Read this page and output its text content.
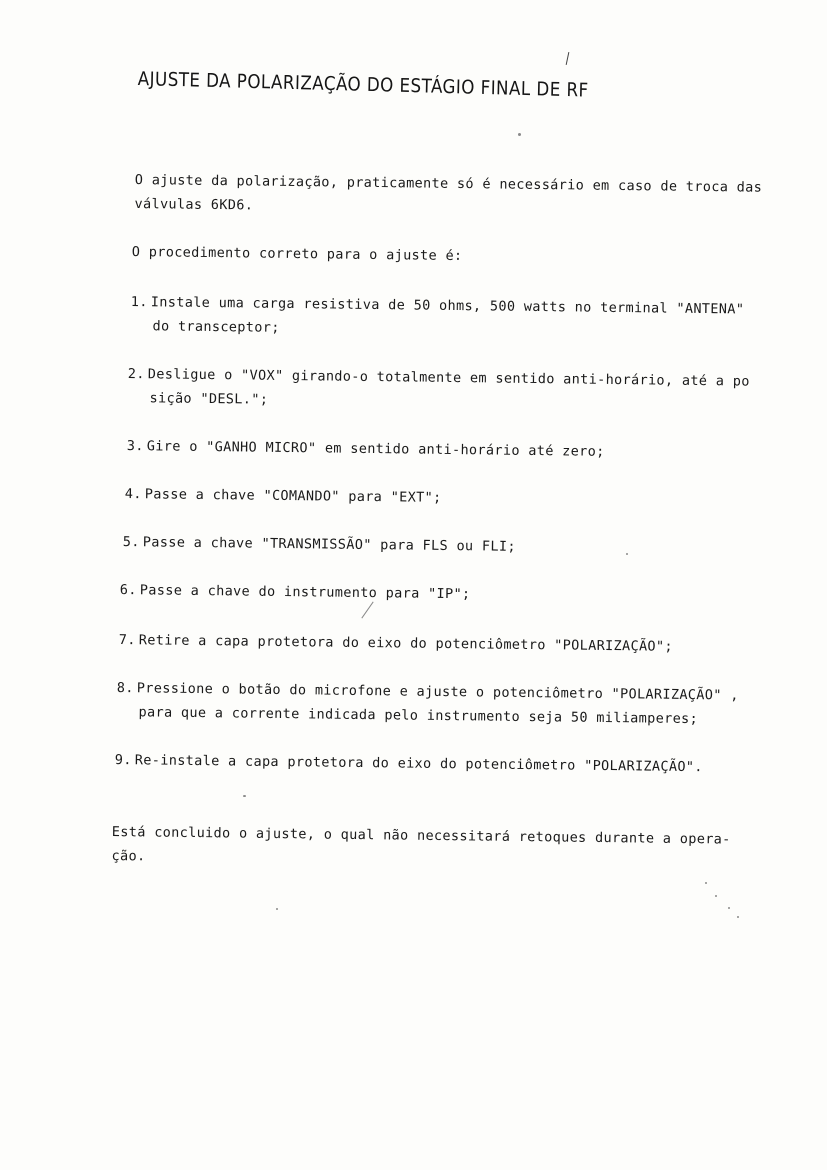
AJUSTE DA POLARIZAÇÃO DO ESTÁGIO FINAL DE RF
O ajuste da polarização, praticamente só é necessário em caso de troca das
válvulas 6KD6.
O procedimento correto para o ajuste é:
1. Instale uma carga resistiva de 50 ohms, 500 watts no terminal "ANTENA"
do transceptor;
2. Desligue o "VOX" girando-o totalmente em sentido anti-horário, até a po
sição "DESL.";
3. Gire o "GANHO MICRO" em sentido anti-horário até zero;
4. Passe a chave "COMANDO" para "EXT";
5. Passe a chave "TRANSMISSÃO" para FLS ou FLI;
6. Passe a chave do instrumento para "IP";
7. Retire a capa protetora do eixo do potenciômetro "POLARIZAÇÃO";
8. Pressione o botão do microfone e ajuste o potenciômetro "POLARIZAÇÃO" ,
para que a corrente indicada pelo instrumento seja 50 miliamperes;
9. Re-instale a capa protetora do eixo do potenciômetro "POLARIZAÇÃO".
Está concluido o ajuste, o qual não necessitará retoques durante a opera-
ção.
